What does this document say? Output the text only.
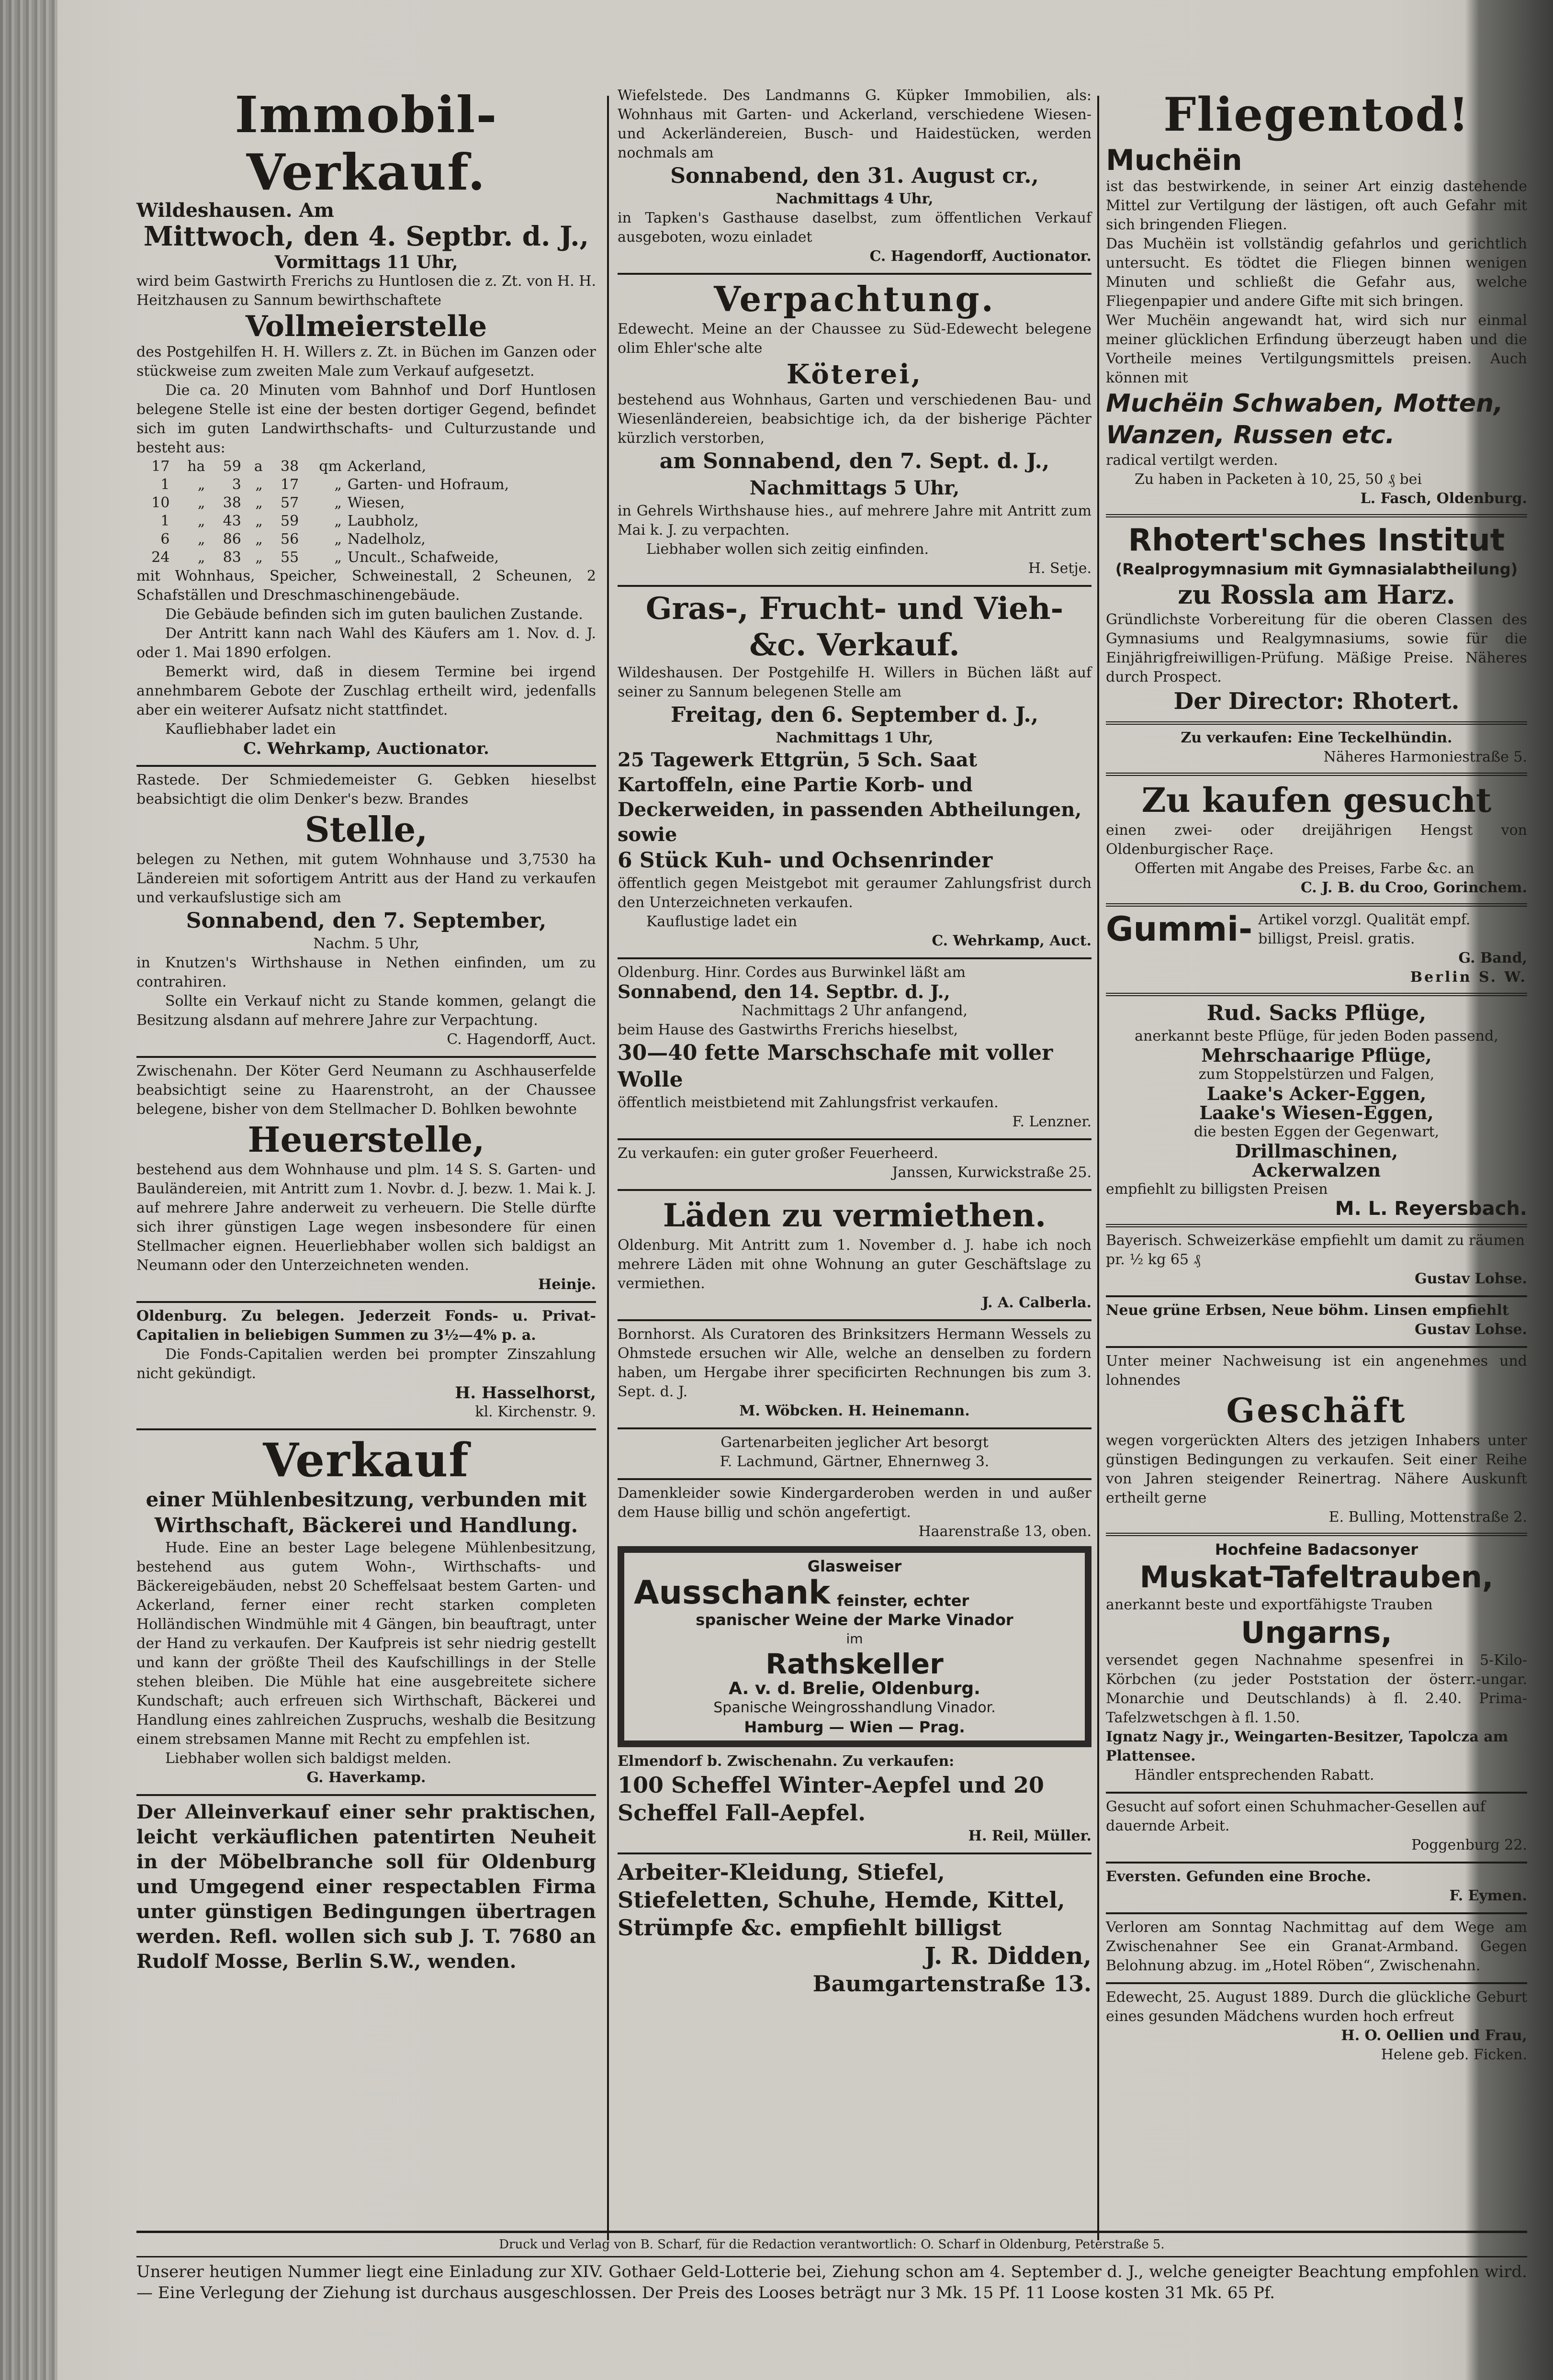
Immobil-Verkauf.
Wildeshausen. Am
Mittwoch, den 4. Septbr. d. J.,
Vormittags 11 Uhr,
wird beim Gastwirth Frerichs zu Huntlosen die z. Zt. von H. H. Heitzhausen zu Sannum bewirthschaftete
Vollmeierstelle
des Postgehilfen H. H. Willers z. Zt. in Büchen im Ganzen oder stückweise zum zweiten Male zum Verkauf aufgesetzt.
Die ca. 20 Minuten vom Bahnhof und Dorf Huntlosen belegene Stelle ist eine der besten dortiger Gegend, befindet sich im guten Landwirthschafts- und Culturzustande und besteht aus:
17	ha	59	a	38	qm	Ackerland,
1	„	3	„	17	„	Garten- und Hofraum,
10	„	38	„	57	„	Wiesen,
1	„	43	„	59	„	Laubholz,
6	„	86	„	56	„	Nadelholz,
24	„	83	„	55	„	Uncult., Schafweide,
mit Wohnhaus, Speicher, Schweinestall, 2 Scheunen, 2 Schafställen und Dreschmaschinengebäude.
Die Gebäude befinden sich im guten baulichen Zustande.
Der Antritt kann nach Wahl des Käufers am 1. Nov. d. J. oder 1. Mai 1890 erfolgen.
Bemerkt wird, daß in diesem Termine bei irgend annehmbarem Gebote der Zuschlag ertheilt wird, jedenfalls aber ein weiterer Aufsatz nicht stattfindet.
Kaufliebhaber ladet ein
C. Wehrkamp, Auctionator.
Rastede. Der Schmiedemeister G. Gebken hieselbst beabsichtigt die olim Denker's bezw. Brandes
Stelle,
belegen zu Nethen, mit gutem Wohnhause und 3,7530 ha Ländereien mit sofortigem Antritt aus der Hand zu verkaufen und verkaufslustige sich am
Sonnabend, den 7. September,
Nachm. 5 Uhr,
in Knutzen's Wirthshause in Nethen einfinden, um zu contrahiren.
Sollte ein Verkauf nicht zu Stande kommen, gelangt die Besitzung alsdann auf mehrere Jahre zur Verpachtung.
C. Hagendorff, Auct.
Zwischenahn. Der Köter Gerd Neumann zu Aschhauserfelde beabsichtigt seine zu Haarenstroht, an der Chaussee belegene, bisher von dem Stellmacher D. Bohlken bewohnte
Heuerstelle,
bestehend aus dem Wohnhause und plm. 14 S. S. Garten- und Bauländereien, mit Antritt zum 1. Novbr. d. J. bezw. 1. Mai k. J. auf mehrere Jahre anderweit zu verheuern. Die Stelle dürfte sich ihrer günstigen Lage wegen insbesondere für einen Stellmacher eignen. Heuerliebhaber wollen sich baldigst an Neumann oder den Unterzeichneten wenden.
Heinje.
Oldenburg. Zu belegen. Jederzeit Fonds- u. Privat-Capitalien in beliebigen Summen zu 3½—4% p. a.
Die Fonds-Capitalien werden bei prompter Zinszahlung nicht gekündigt.
H. Hasselhorst,
kl. Kirchenstr. 9.
Verkauf
einer Mühlenbesitzung, verbunden mit Wirthschaft, Bäckerei und Handlung.
Hude. Eine an bester Lage belegene Mühlenbesitzung, bestehend aus gutem Wohn-, Wirthschafts- und Bäckereigebäuden, nebst 20 Scheffelsaat bestem Garten- und Ackerland, ferner einer recht starken completen Holländischen Windmühle mit 4 Gängen, bin beauftragt, unter der Hand zu verkaufen. Der Kaufpreis ist sehr niedrig gestellt und kann der größte Theil des Kaufschillings in der Stelle stehen bleiben. Die Mühle hat eine ausgebreitete sichere Kundschaft; auch erfreuen sich Wirthschaft, Bäckerei und Handlung eines zahlreichen Zuspruchs, weshalb die Besitzung einem strebsamen Manne mit Recht zu empfehlen ist.
Liebhaber wollen sich baldigst melden.
G. Haverkamp.
Der Alleinverkauf einer sehr praktischen, leicht verkäuflichen patentirten Neuheit in der Möbelbranche soll für Oldenburg und Umgegend einer respectablen Firma unter günstigen Bedingungen übertragen werden. Refl. wollen sich sub J. T. 7680 an Rudolf Mosse, Berlin S.W., wenden.
Wiefelstede. Des Landmanns G. Küpker Immobilien, als: Wohnhaus mit Garten- und Ackerland, verschiedene Wiesen- und Ackerländereien, Busch- und Haidestücken, werden nochmals am
Sonnabend, den 31. August cr.,
Nachmittags 4 Uhr,
in Tapken's Gasthause daselbst, zum öffentlichen Verkauf ausgeboten, wozu einladet
C. Hagendorff, Auctionator.
Verpachtung.
Edewecht. Meine an der Chaussee zu Süd-Edewecht belegene olim Ehler'sche alte
Köterei,
bestehend aus Wohnhaus, Garten und verschiedenen Bau- und Wiesenländereien, beabsichtige ich, da der bisherige Pächter kürzlich verstorben,
am Sonnabend, den 7. Sept. d. J.,
Nachmittags 5 Uhr,
in Gehrels Wirthshause hies., auf mehrere Jahre mit Antritt zum Mai k. J. zu verpachten.
Liebhaber wollen sich zeitig einfinden.
H. Setje.
Gras-, Frucht- und Vieh- &c. Verkauf.
Wildeshausen. Der Postgehilfe H. Willers in Büchen läßt auf seiner zu Sannum belegenen Stelle am
Freitag, den 6. September d. J.,
Nachmittags 1 Uhr,
25 Tagewerk Ettgrün, 5 Sch. Saat Kartoffeln, eine Partie Korb- und Deckerweiden, in passenden Abtheilungen, sowie
6 Stück Kuh- und Ochsenrinder
öffentlich gegen Meistgebot mit geraumer Zahlungsfrist durch den Unterzeichneten verkaufen.
Kauflustige ladet ein
C. Wehrkamp, Auct.
Oldenburg. Hinr. Cordes aus Burwinkel läßt am
Sonnabend, den 14. Septbr. d. J.,
Nachmittags 2 Uhr anfangend,
beim Hause des Gastwirths Frerichs hieselbst,
30—40 fette Marschschafe mit voller Wolle
öffentlich meistbietend mit Zahlungsfrist verkaufen.
F. Lenzner.
Zu verkaufen: ein guter großer Feuerheerd.
Janssen, Kurwickstraße 25.
Läden zu vermiethen.
Oldenburg. Mit Antritt zum 1. November d. J. habe ich noch mehrere Läden mit ohne Wohnung an guter Geschäftslage zu vermiethen.
J. A. Calberla.
Bornhorst. Als Curatoren des Brinksitzers Hermann Wessels zu Ohmstede ersuchen wir Alle, welche an denselben zu fordern haben, um Hergabe ihrer specificirten Rechnungen bis zum 3. Sept. d. J.
M. Wöbcken. H. Heinemann.
Gartenarbeiten jeglicher Art besorgt
F. Lachmund, Gärtner, Ehnernweg 3.
Damenkleider sowie Kindergarderoben werden in und außer dem Hause billig und schön angefertigt.
Haarenstraße 13, oben.
Glasweiser
Ausschank feinster, echter
spanischer Weine der Marke Vinador
im
Rathskeller
A. v. d. Brelie, Oldenburg.
Spanische Weingrosshandlung Vinador.
Hamburg — Wien — Prag.
Elmendorf b. Zwischenahn. Zu verkaufen:
100 Scheffel Winter-Aepfel und 20 Scheffel Fall-Aepfel.
H. Reil, Müller.
Arbeiter-Kleidung, Stiefel, Stiefeletten, Schuhe, Hemde, Kittel, Strümpfe &c. empfiehlt billigst
J. R. Didden,
Baumgartenstraße 13.
Fliegentod!
Muchëin
ist das bestwirkende, in seiner Art einzig dastehende Mittel zur Vertilgung der lästigen, oft auch Gefahr mit sich bringenden Fliegen.
Das Muchëin ist vollständig gefahrlos und gerichtlich untersucht. Es tödtet die Fliegen binnen wenigen Minuten und schließt die Gefahr aus, welche Fliegenpapier und andere Gifte mit sich bringen.
Wer Muchëin angewandt hat, wird sich nur einmal meiner glücklichen Erfindung überzeugt haben und die Vortheile meines Vertilgungsmittels preisen. Auch können mit
Muchëin Schwaben, Motten, Wanzen, Russen etc.
radical vertilgt werden.
Zu haben in Packeten à 10, 25, 50 ₰ bei
L. Fasch, Oldenburg.
Rhotert'sches Institut
(Realprogymnasium mit Gymnasialabtheilung)
zu Rossla am Harz.
Gründlichste Vorbereitung für die oberen Classen des Gymnasiums und Realgymnasiums, sowie für die Einjährigfreiwilligen-Prüfung. Mäßige Preise. Näheres durch Prospect.
Der Director: Rhotert.
Zu verkaufen: Eine Teckelhündin.
Näheres Harmoniestraße 5.
Zu kaufen gesucht
einen zwei- oder dreijährigen Hengst von Oldenburgischer Raçe.
Offerten mit Angabe des Preises, Farbe &c. an
C. J. B. du Croo, Gorinchem.
Gummi- Artikel vorzgl. Qualität empf. billigst, Preisl. gratis.
G. Band,
Berlin S. W.
Rud. Sacks Pflüge,
anerkannt beste Pflüge, für jeden Boden passend,
Mehrschaarige Pflüge,
zum Stoppelstürzen und Falgen,
Laake's Acker-Eggen,
Laake's Wiesen-Eggen,
die besten Eggen der Gegenwart,
Drillmaschinen,
Ackerwalzen
empfiehlt zu billigsten Preisen
M. L. Reyersbach.
Bayerisch. Schweizerkäse empfiehlt um damit zu räumen pr. ½ kg 65 ₰
Gustav Lohse.
Neue grüne Erbsen, Neue böhm. Linsen empfiehlt
Gustav Lohse.
Unter meiner Nachweisung ist ein angenehmes und lohnendes
Geschäft
wegen vorgerückten Alters des jetzigen Inhabers unter günstigen Bedingungen zu verkaufen. Seit einer Reihe von Jahren steigender Reinertrag. Nähere Auskunft ertheilt gerne
E. Bulling, Mottenstraße 2.
Hochfeine Badacsonyer
Muskat-Tafeltrauben,
anerkannt beste und exportfähigste Trauben
Ungarns,
versendet gegen Nachnahme spesenfrei in 5-Kilo-Körbchen (zu jeder Poststation der österr.-ungar. Monarchie und Deutschlands) à fl. 2.40. Prima-Tafelzwetschgen à fl. 1.50.
Ignatz Nagy jr., Weingarten-Besitzer, Tapolcza am Plattensee.
Händler entsprechenden Rabatt.
Gesucht auf sofort einen Schuhmacher-Gesellen auf dauernde Arbeit.
Poggenburg 22.
Eversten. Gefunden eine Broche.
F. Eymen.
Verloren am Sonntag Nachmittag auf dem Wege am Zwischenahner See ein Granat-Armband. Gegen Belohnung abzug. im „Hotel Röben“, Zwischenahn.
Edewecht, 25. August 1889. Durch die glückliche Geburt eines gesunden Mädchens wurden hoch erfreut
H. O. Oellien und Frau,
Helene geb. Ficken.
Druck und Verlag von B. Scharf, für die Redaction verantwortlich: O. Scharf in Oldenburg, Peterstraße 5.
Unserer heutigen Nummer liegt eine Einladung zur XIV. Gothaer Geld-Lotterie bei, Ziehung schon am 4. September d. J., welche geneigter Beachtung empfohlen wird. — Eine Verlegung der Ziehung ist durchaus ausgeschlossen. Der Preis des Looses beträgt nur 3 Mk. 15 Pf. 11 Loose kosten 31 Mk. 65 Pf.
